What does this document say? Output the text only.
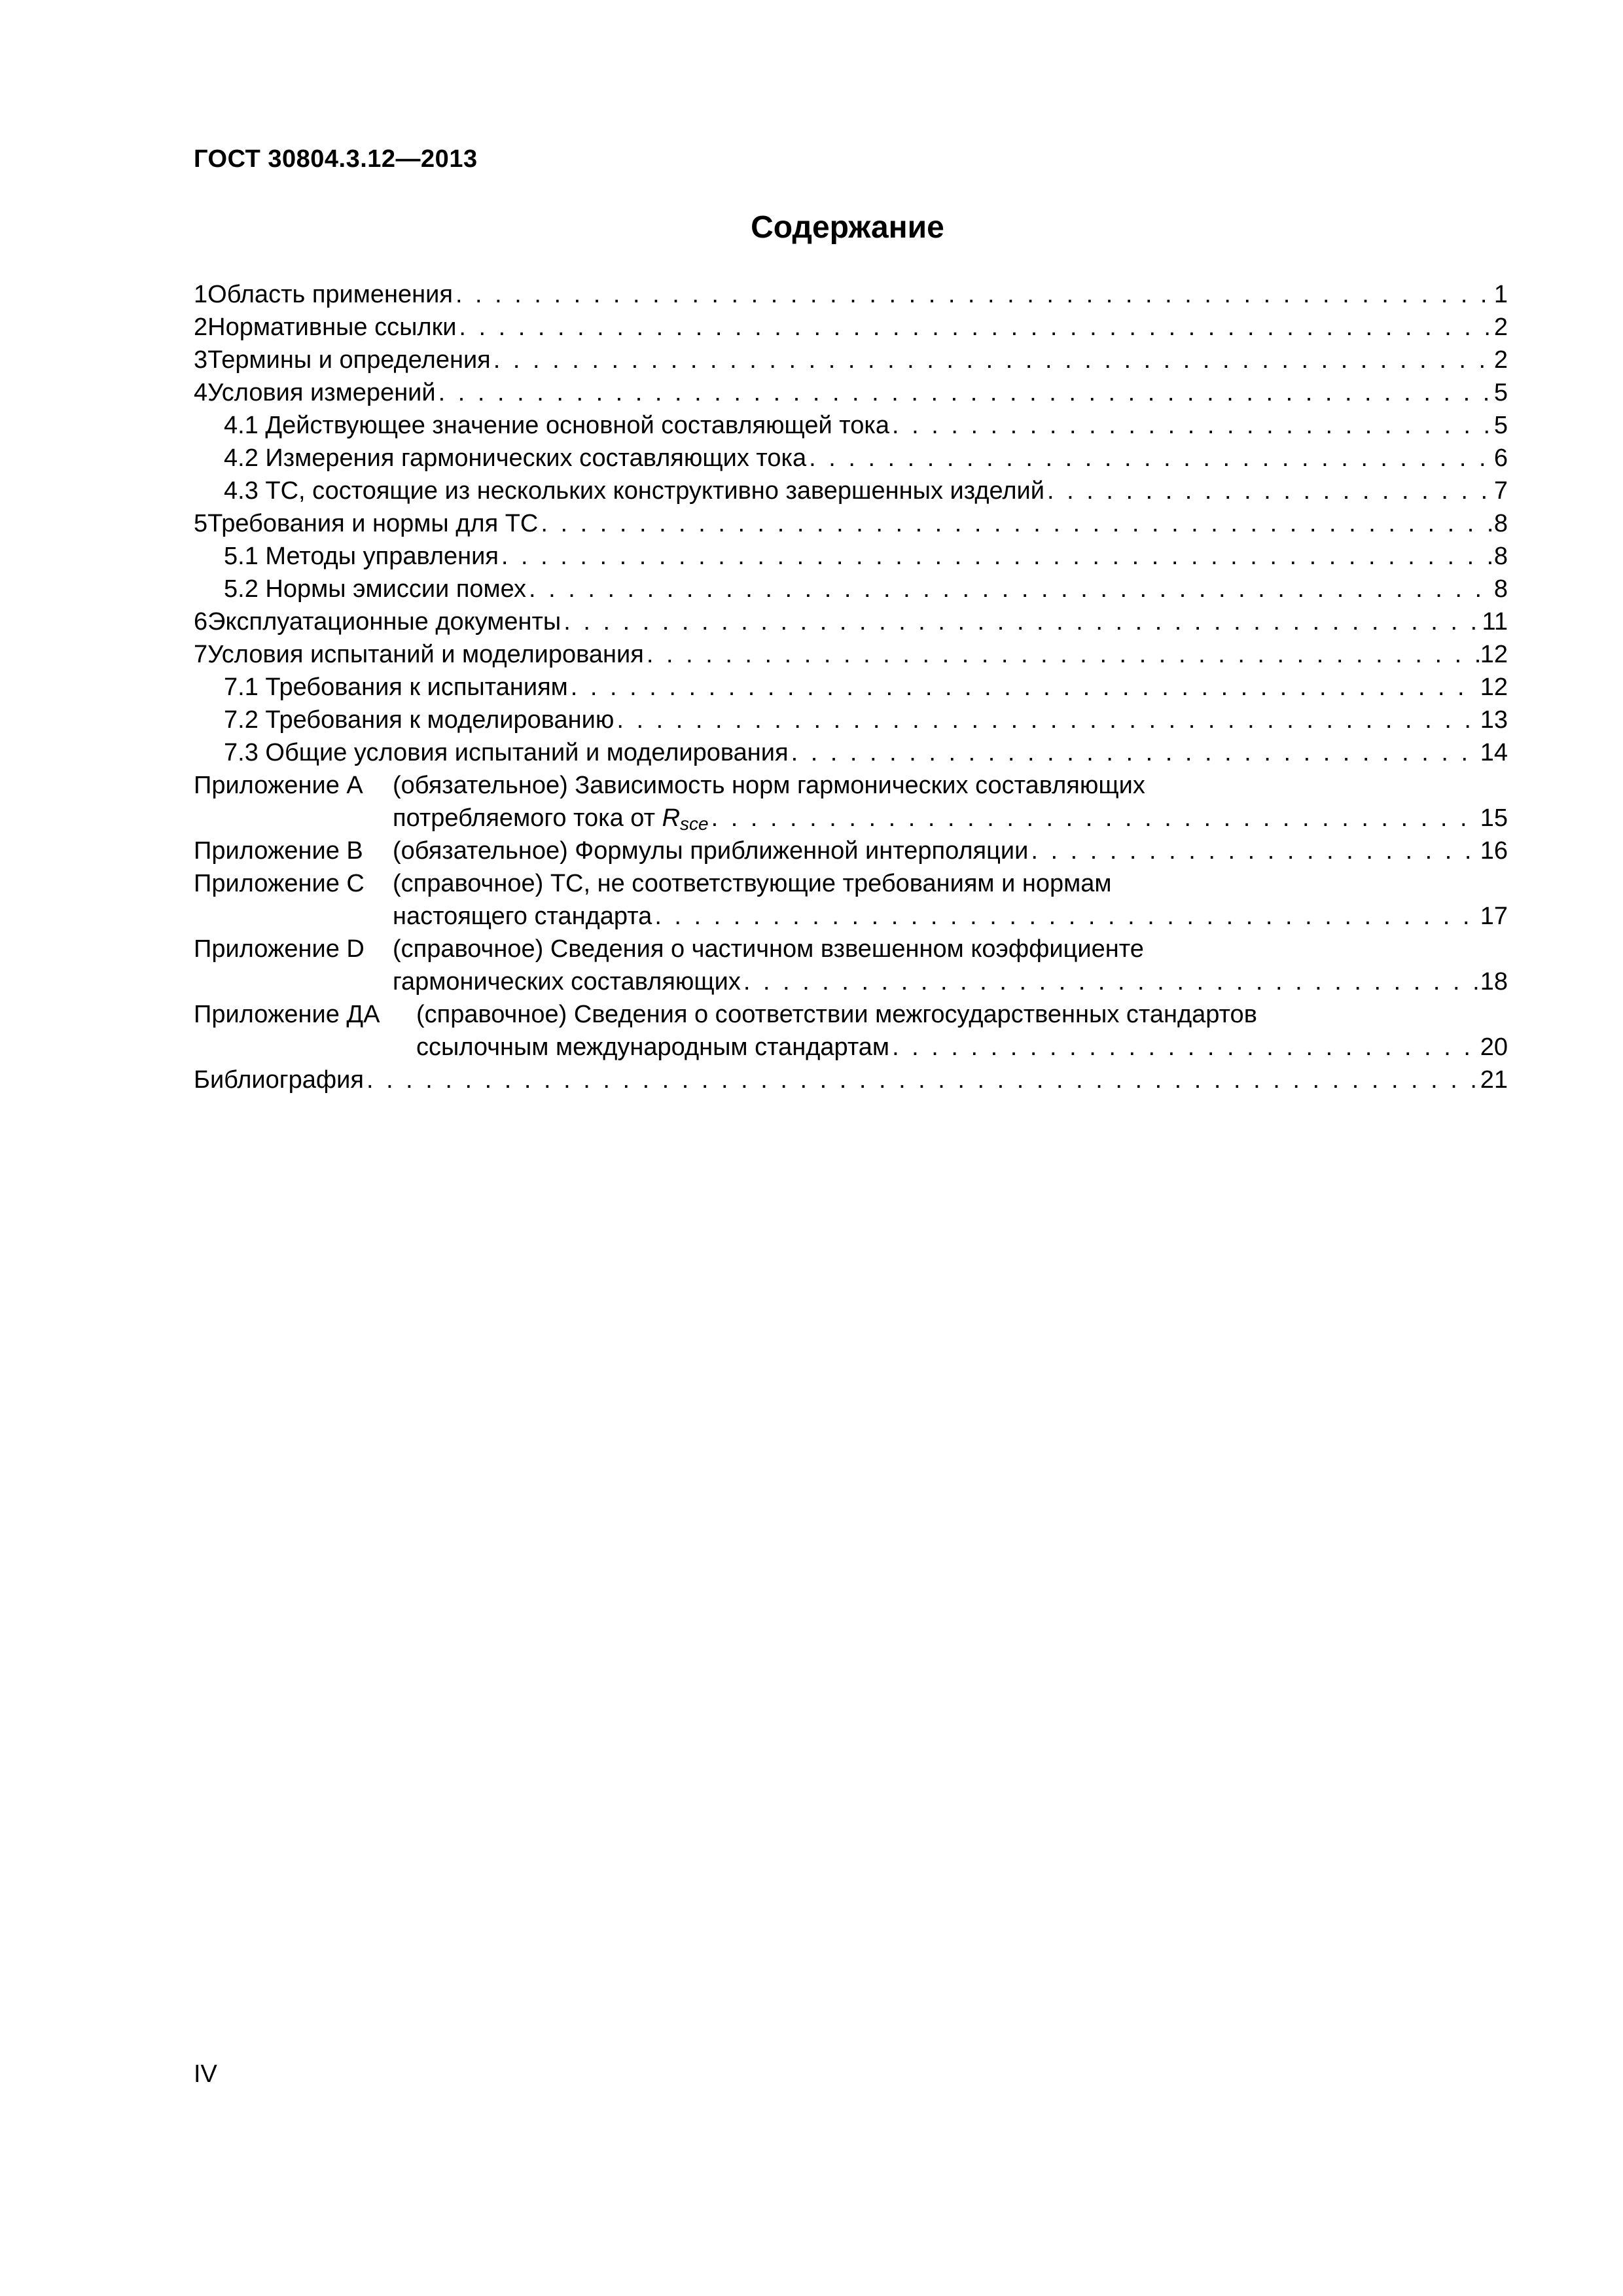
ГОСТ 30804.3.12—2013
Содержание
1 Область применения . . .	1
2 Нормативные ссылки . . .	2
3 Термины и определения . . .	2
4 Условия измерений . . .	5
4.1 Действующее значение основной составляющей тока . . .	5
4.2 Измерения гармонических составляющих тока . . .	6
4.3 ТС, состоящие из нескольких конструктивно завершенных изделий . . .	7
5 Требования и нормы для ТС . . .	8
5.1 Методы управления . . .	8
5.2 Нормы эмиссии помех . . .	8
6 Эксплуатационные документы . . .	11
7 Условия испытаний и моделирования . . .	12
7.1 Требования к испытаниям . . .	12
7.2 Требования к моделированию . . .	13
7.3 Общие условия испытаний и моделирования . . .	14
Приложение А	(обязательное) Зависимость норм гармонических составляющих
потребляемого тока от Rsce . . .	15
Приложение В	(обязательное) Формулы приближенной интерполяции . . .	16
Приложение С	(справочное) ТС, не соответствующие требованиям и нормам
настоящего стандарта . . .	17
Приложение D	(справочное) Сведения о частичном взвешенном коэффициенте
гармонических составляющих . . .	18
Приложение ДА	(справочное) Сведения о соответствии межгосударственных стандартов
ссылочным международным стандартам . . .	20
Библиография . . .	21
IV
